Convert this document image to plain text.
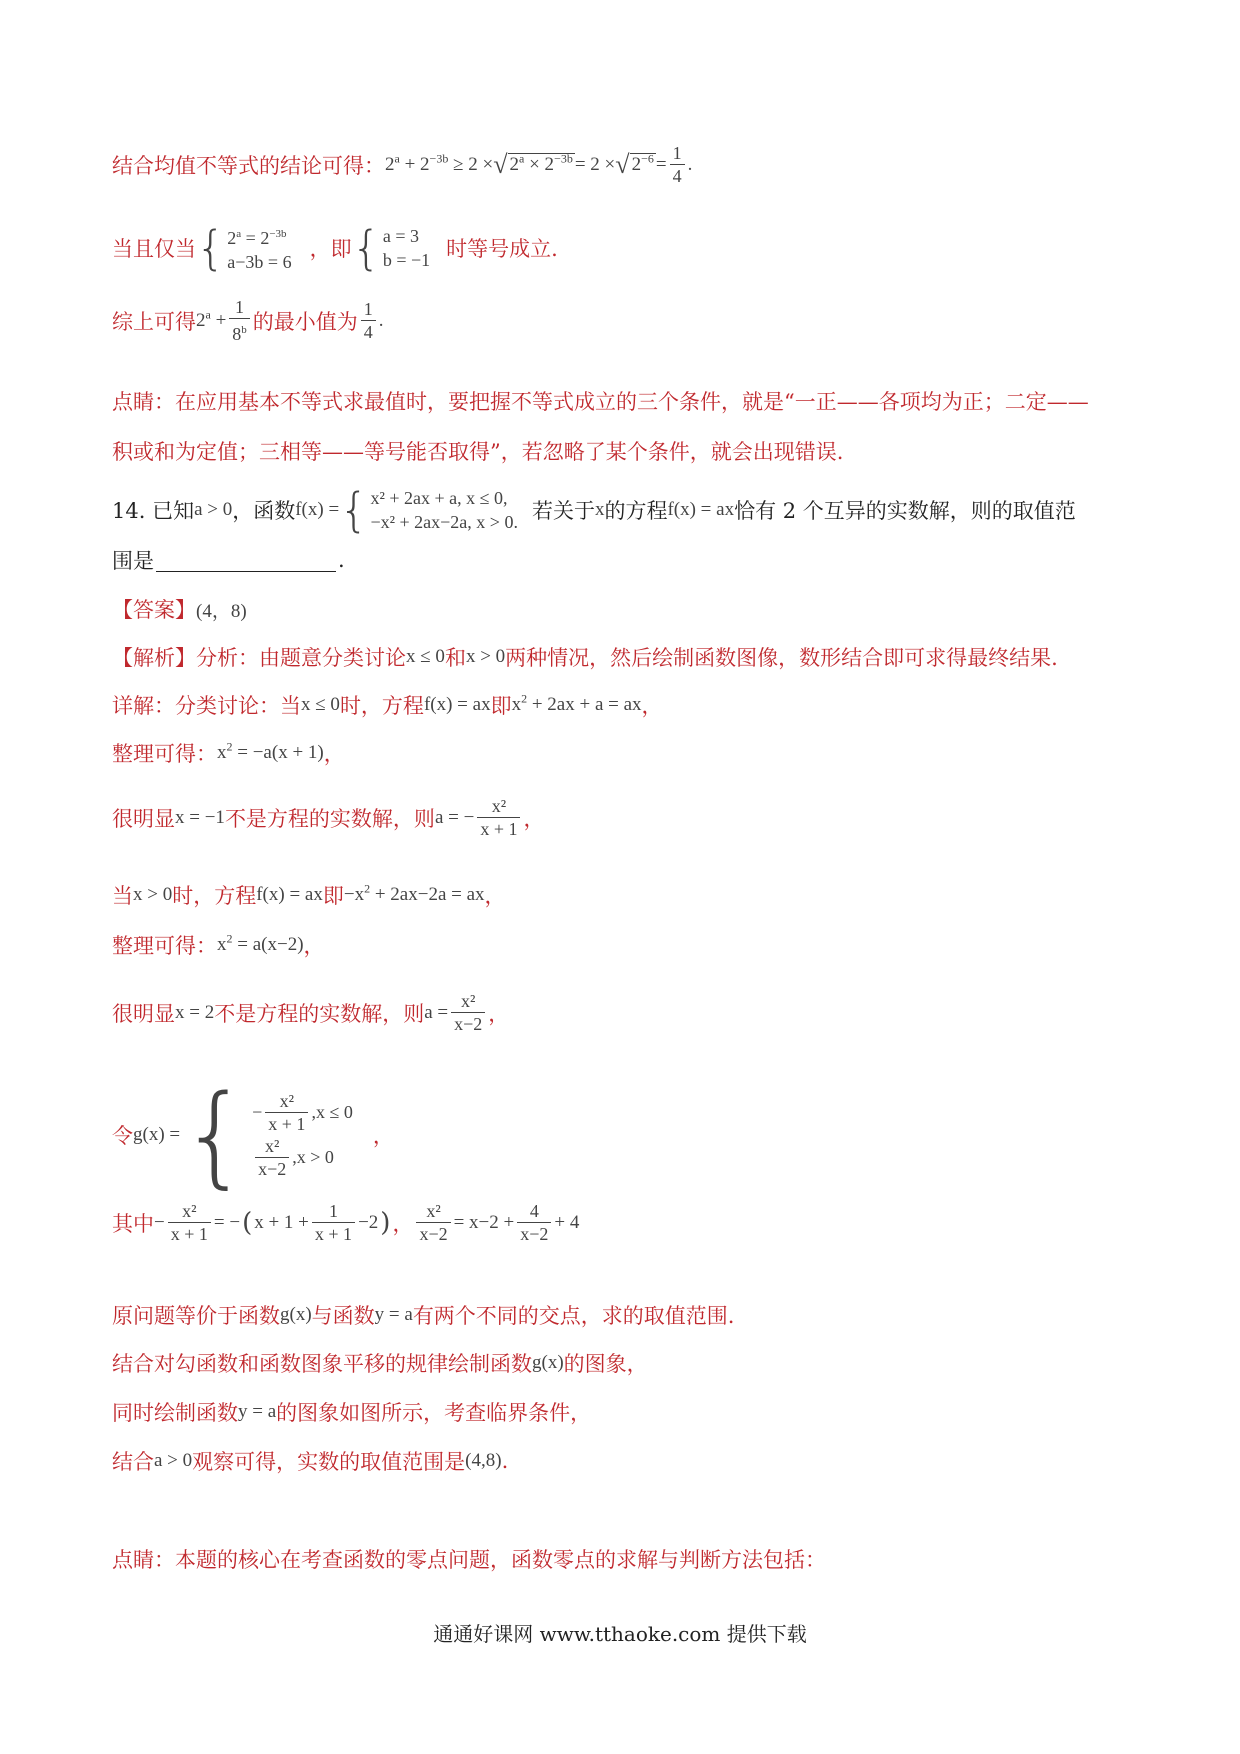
结合均值不等式的结论可得： $2^a + 2^{-3b} \ge 2$ × √ $2^a \times 2^{-3b} = 2$ × √ $2^{-6} = \frac{1}{4}$ .
当且仅当 { $2^a = 2^{-3b}$
a−3b = 6
，即 { a = 3
b = −1 时等号成立.
综上可得 $2^a + \frac{1}{8^b}$ 的最小值为 $\frac{1}{4}$ .
点睛：在应用基本不等式求最值时，要把握不等式成立的三个条件，就是“一正——各项均为正；二定——
积或和为定值；三相等——等号能否取得”，若忽略了某个条件，就会出现错误.
14. 已知 a > 0 ，函数 f(x) = { x² + 2ax + a, x ≤ 0,
−x² + 2ax−2a, x > 0. 若关于 x 的方程 f(x) = ax 恰有 2 个互异的实数解，则的取值范
围是	.
【答案】 (4，8)
【解析】 分析：由题意分类讨论 x ≤ 0 和 x > 0 两种情况，然后绘制函数图像，数形结合即可求得最终结果.
详解：分类讨论：当 x ≤ 0 时，方程 f(x) = ax 即 $x^2 + 2ax + a$ = ax ，
整理可得： $x^2 = -a(x + 1)$ ，
很明显 x = −1 不是方程的实数解，则 a = − $\frac{\text{x²}}{x + 1}$ ，
当 x > 0 时，方程 f(x) = ax 即 $-x^2 + 2ax-2a$ = ax ，
整理可得： $x^2 = a(x-2)$ ，
很明显 x = 2 不是方程的实数解，则 $a = \frac{\text{x²}}{x-2}$ ，
令 g(x) = { − $\frac{\text{x²}}{x + 1} ,x \le 0$
$\frac{\text{x²}}{x-2} ,x > 0$
，
其中 − $\frac{\text{x²}}{x + 1}$ = − ( $x + 1 + \frac{1}{x + 1} -2$ ) ， $\frac{\text{x²}}{x-2} = x-2 + \frac{4}{x-2} + 4$
原问题等价于函数 g(x) 与函数 y = a 有两个不同的交点，求的取值范围.
结合对勾函数和函数图象平移的规律绘制函数 g(x) 的图象，
同时绘制函数 y = a 的图象如图所示，考查临界条件，
结合 a > 0 观察可得，实数的取值范围是 (4,8) .
点睛：本题的核心在考查函数的零点问题，函数零点的求解与判断方法包括：
通通好课网 www.tthaoke.com 提供下载
